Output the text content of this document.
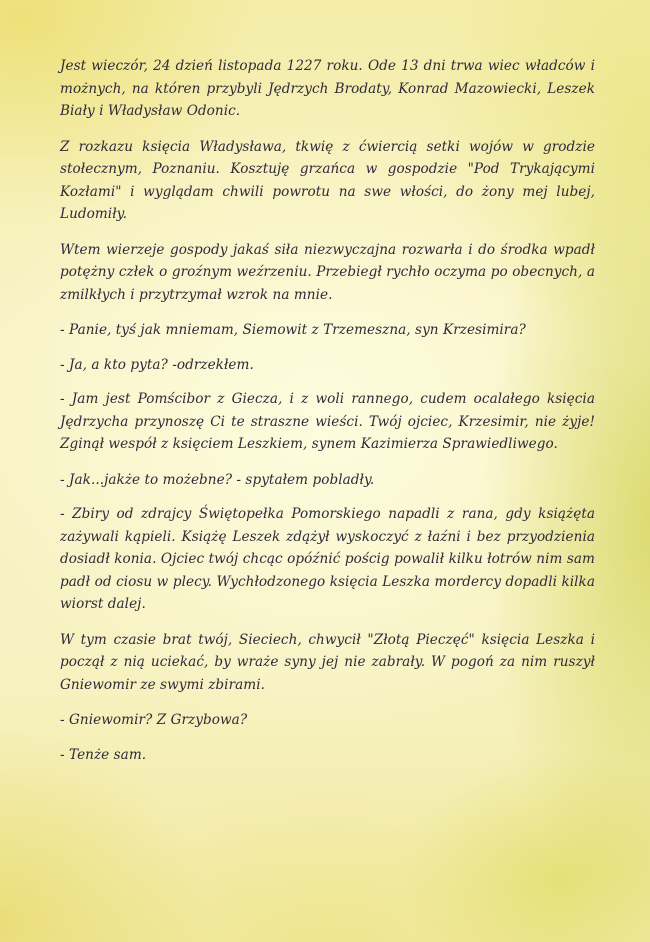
Jest wieczór, 24 dzień listopada 1227 roku. Ode 13 dni trwa wiec władców i możnych, na któren przybyli Jędrzych Brodaty, Konrad Mazowiecki, Leszek Biały i Władysław Odonic.

Z rozkazu księcia Władysława, tkwię z ćwiercią setki wojów w grodzie stołecznym, Poznaniu. Kosztuję grzańca w gospodzie "Pod Trykającymi Kozłami" i wyglądam chwili powrotu na swe włości, do żony mej lubej, Ludomiły.

Wtem wierzeje gospody jakaś siła niezwyczajna rozwarła i do środka wpadł potężny człek o groźnym weźrzeniu. Przebiegł rychło oczyma po obecnych, a zmilkłych i przytrzymał wzrok na mnie.

- Panie, tyś jak mniemam, Siemowit z Trzemeszna, syn Krzesimira?

- Ja, a kto pyta? -odrzekłem.

- Jam jest Pomścibor z Giecza, i z woli rannego, cudem ocalałego księcia Jędrzycha przynoszę Ci te straszne wieści. Twój ojciec, Krzesimir, nie żyje! Zginął wespół z księciem Leszkiem, synem Kazimierza Sprawiedliwego.

- Jak...jakże to możebne? - spytałem pobladły.

- Zbiry od zdrajcy Świętopełka Pomorskiego napadli z rana, gdy książęta zażywali kąpieli. Książę Leszek zdążył wyskoczyć z łaźni i bez przyodzienia dosiadł konia. Ojciec twój chcąc opóźnić pościg powalił kilku łotrów nim sam padł od ciosu w plecy. Wychłodzonego księcia Leszka mordercy dopadli kilka wiorst dalej.

W tym czasie brat twój, Sieciech, chwycił "Złotą Pieczęć" księcia Leszka i począł z nią uciekać, by wraże syny jej nie zabrały. W pogoń za nim ruszył Gniewomir ze swymi zbirami.

- Gniewomir? Z Grzybowa?

- Tenże sam.
